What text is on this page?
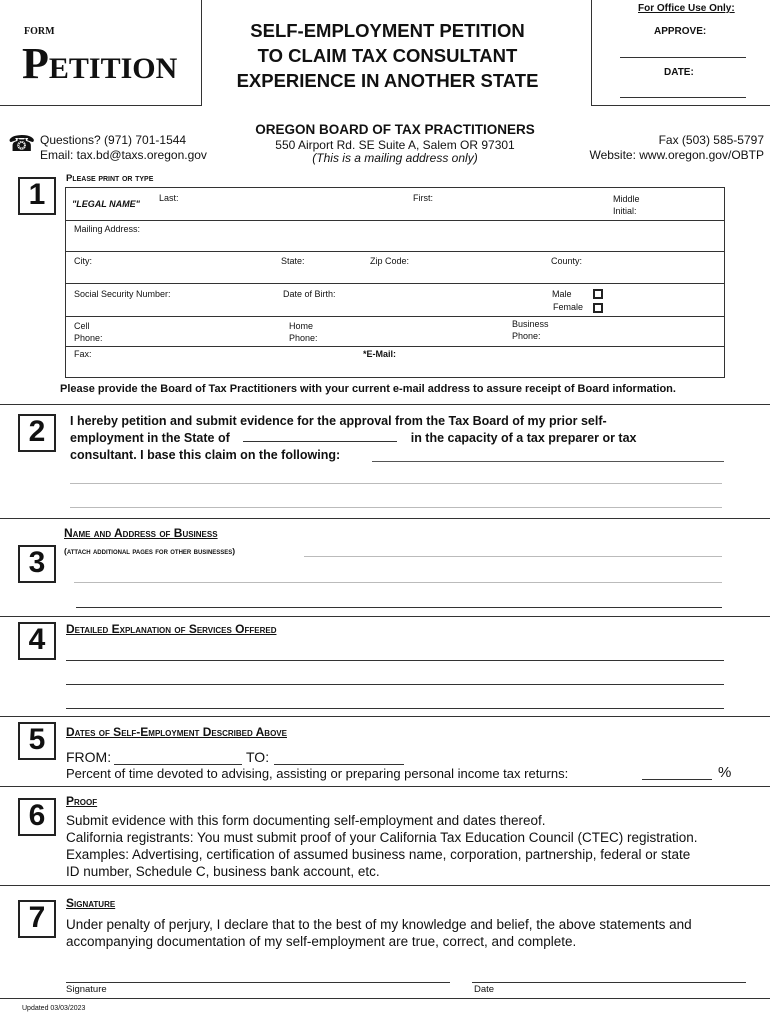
FORM
PETITION
SELF-EMPLOYMENT PETITION
TO CLAIM TAX CONSULTANT
EXPERIENCE IN ANOTHER STATE
For Office Use Only:
APPROVE:
DATE:
☎ Questions? (971) 701-1544
Email: tax.bd@taxs.oregon.gov
OREGON BOARD OF TAX PRACTITIONERS
550 Airport Rd. SE Suite A, Salem OR 97301
(This is a mailing address only)
Fax (503) 585-5797
Website: www.oregon.gov/OBTP
1	Please print or type
"LEGAL NAME"
Last:	First:	Middle
Initial:
Mailing Address:
City:	State:	Zip Code:	County:
Social Security Number:	Date of Birth:	Male
Female
Cell
Phone:
Home
Phone:
Business
Phone:
Fax:	*E-Mail:
Please provide the Board of Tax Practitioners with your current e-mail address to assure receipt of Board information.
2	I hereby petition and submit evidence for the approval from the Tax Board of my prior self-
employment in the State of	in the capacity of a tax preparer or tax
consultant. I base this claim on the following:
Name and Address of Business
(attach additional pages for other businesses)
3
4	Detailed Explanation of Services Offered
5	Dates of Self-Employment Described Above
FROM:	TO:
Percent of time devoted to advising, assisting or preparing personal income tax returns:	%
6	Proof
Submit evidence with this form documenting self-employment and dates thereof.
California registrants: You must submit proof of your California Tax Education Council (CTEC) registration.
Examples: Advertising, certification of assumed business name, corporation, partnership, federal or state
ID number, Schedule C, business bank account, etc.
7	Signature
Under penalty of perjury, I declare that to the best of my knowledge and belief, the above statements and
accompanying documentation of my self-employment are true, correct, and complete.
Signature	Date
Updated 03/03/2023
